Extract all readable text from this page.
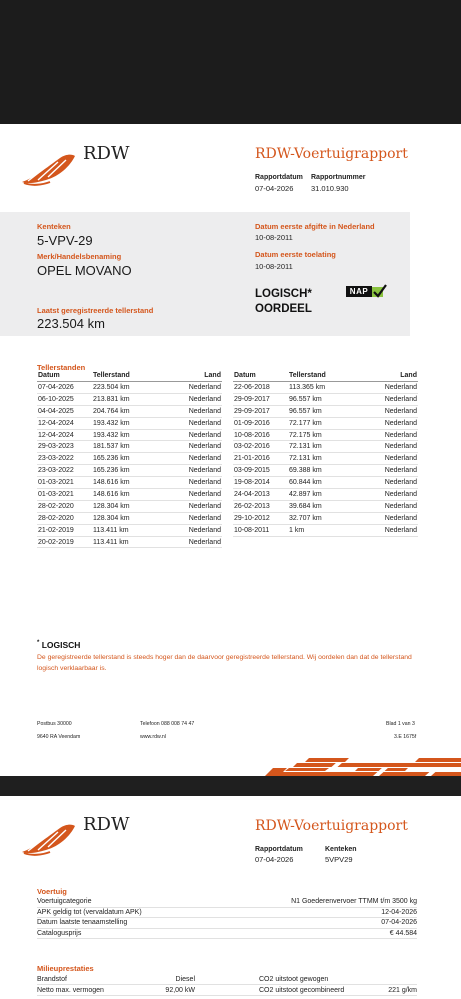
RDW	RDW-Voertuigrapport
Rapportdatum
07-04-2026
Rapportnummer
31.010.930
Kenteken
5-VPV-29
Merk/Handelsbenaming
OPEL MOVANO
Laatst geregistreerde tellerstand
223.504 km
Datum eerste afgifte in Nederland
10-08-2011
Datum eerste toelating
10-08-2011
LOGISCH*
OORDEEL
NAP
Tellerstanden
Datum	Tellerstand	Land
07-04-2026	223.504 km	Nederland
06-10-2025	213.831 km	Nederland
04-04-2025	204.764 km	Nederland
12-04-2024	193.432 km	Nederland
12-04-2024	193.432 km	Nederland
29-03-2023	181.537 km	Nederland
23-03-2022	165.236 km	Nederland
23-03-2022	165.236 km	Nederland
01-03-2021	148.616 km	Nederland
01-03-2021	148.616 km	Nederland
28-02-2020	128.304 km	Nederland
28-02-2020	128.304 km	Nederland
21-02-2019	113.411 km	Nederland
20-02-2019	113.411 km	Nederland
Datum	Tellerstand	Land
22-06-2018	113.365 km	Nederland
29-09-2017	96.557 km	Nederland
29-09-2017	96.557 km	Nederland
01-09-2016	72.177 km	Nederland
10-08-2016	72.175 km	Nederland
03-02-2016	72.131 km	Nederland
21-01-2016	72.131 km	Nederland
03-09-2015	69.388 km	Nederland
19-08-2014	60.844 km	Nederland
24-04-2013	42.897 km	Nederland
26-02-2013	39.684 km	Nederland
29-10-2012	32.707 km	Nederland
10-08-2011	1 km	Nederland
* LOGISCH
De geregistreerde tellerstand is steeds hoger dan de daarvoor geregistreerde tellerstand. Wij oordelen dan dat de tellerstand logisch verklaarbaar is.
Postbus 30000
9640 RA Veendam
Telefoon 088 008 74 47
www.rdw.nl
Blad 1 van 3
3.E 1675f
RDW	RDW-Voertuigrapport
Rapportdatum
07-04-2026
Kenteken
5VPV29
Voertuig
Voertuigcategorie	N1 Goederenvervoer TTMM t/m 3500 kg
APK geldig tot (vervaldatum APK)	12-04-2026
Datum laatste tenaamstelling	07-04-2026
Catalogusprijs	€ 44.584
Milieuprestaties
Brandstof	Diesel	CO2 uitstoot gewogen
Netto max. vermogen	92,00 kW	CO2 uitstoot gecombineerd	221 g/km
